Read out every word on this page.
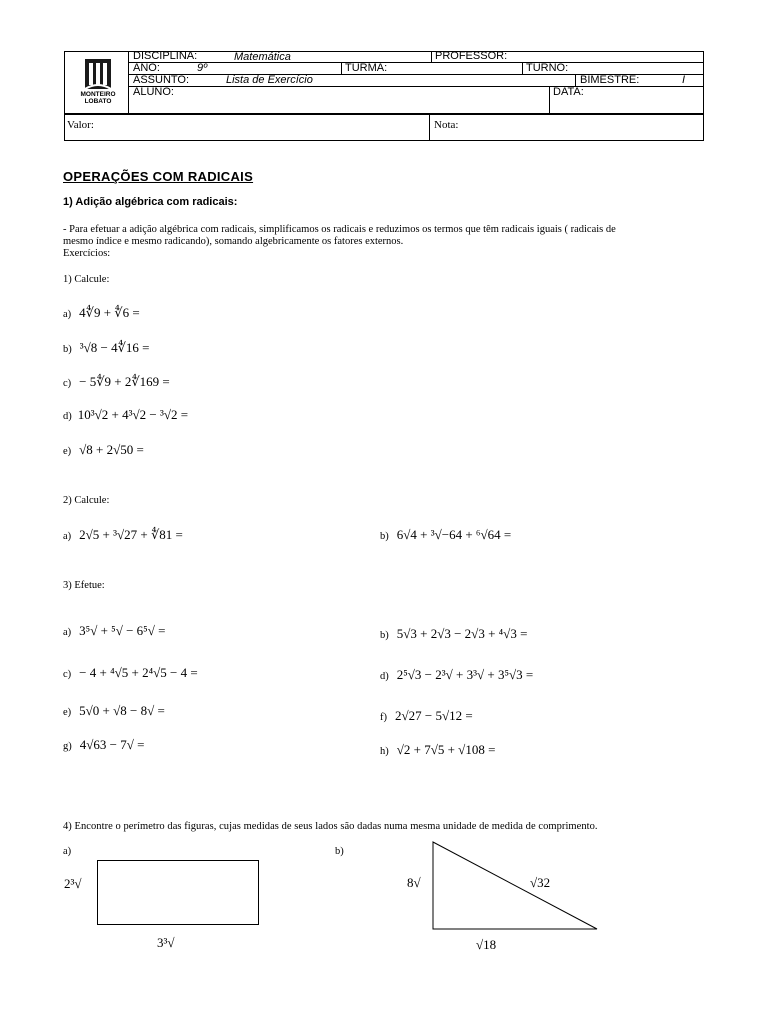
MONTEIRO
LOBATO
DISCIPLINA:	Matemática	PROFESSOR:
ANO:	9º	TURMA:	TURNO:
ASSUNTO:	Lista de Exercício	BIMESTRE:	I
ALUNO:	DATA:
Valor:	Nota:
OPERAÇÕES COM RADICAIS
1) Adição algébrica com radicais:
- Para efetuar a adição algébrica com radicais, simplificamos os radicais e reduzimos os termos que têm radicais iguais ( radicais de
mesmo índice e mesmo radicando), somando algebricamente os fatores externos.
Exercícios:
1) Calcule:
a) 4∜9 + ∜6 =
b) ³√8 − 4∜16 =
c) − 5∜9 + 2∜169 =
d) 10³√2 + 4³√2 − ³√2 =
e) √8 + 2√50 =
2) Calcule:
a) 2√5 + ³√27 + ∜81 =	b) 6√4 + ³√−64 + ⁶√64 =
3) Efetue:
a) 3⁵√ + ⁵√ − 6⁵√ =	b) 5√3 + 2√3 − 2√3 + ⁴√3 =
c) − 4 + ⁴√5 + 2⁴√5 − 4 =	d) 2⁵√3 − 2³√ + 3³√ + 3⁵√3 =
e) 5√0 + √8 − 8√ =	f) 2√27 − 5√12 =
g) 4√63 − 7√ =	h) √2 + 7√5 + √108 =
4) Encontre o perímetro das figuras, cujas medidas de seus lados são dadas numa mesma unidade de medida de comprimento.
a)	b)
2³√
3³√
8√	√32
√18
